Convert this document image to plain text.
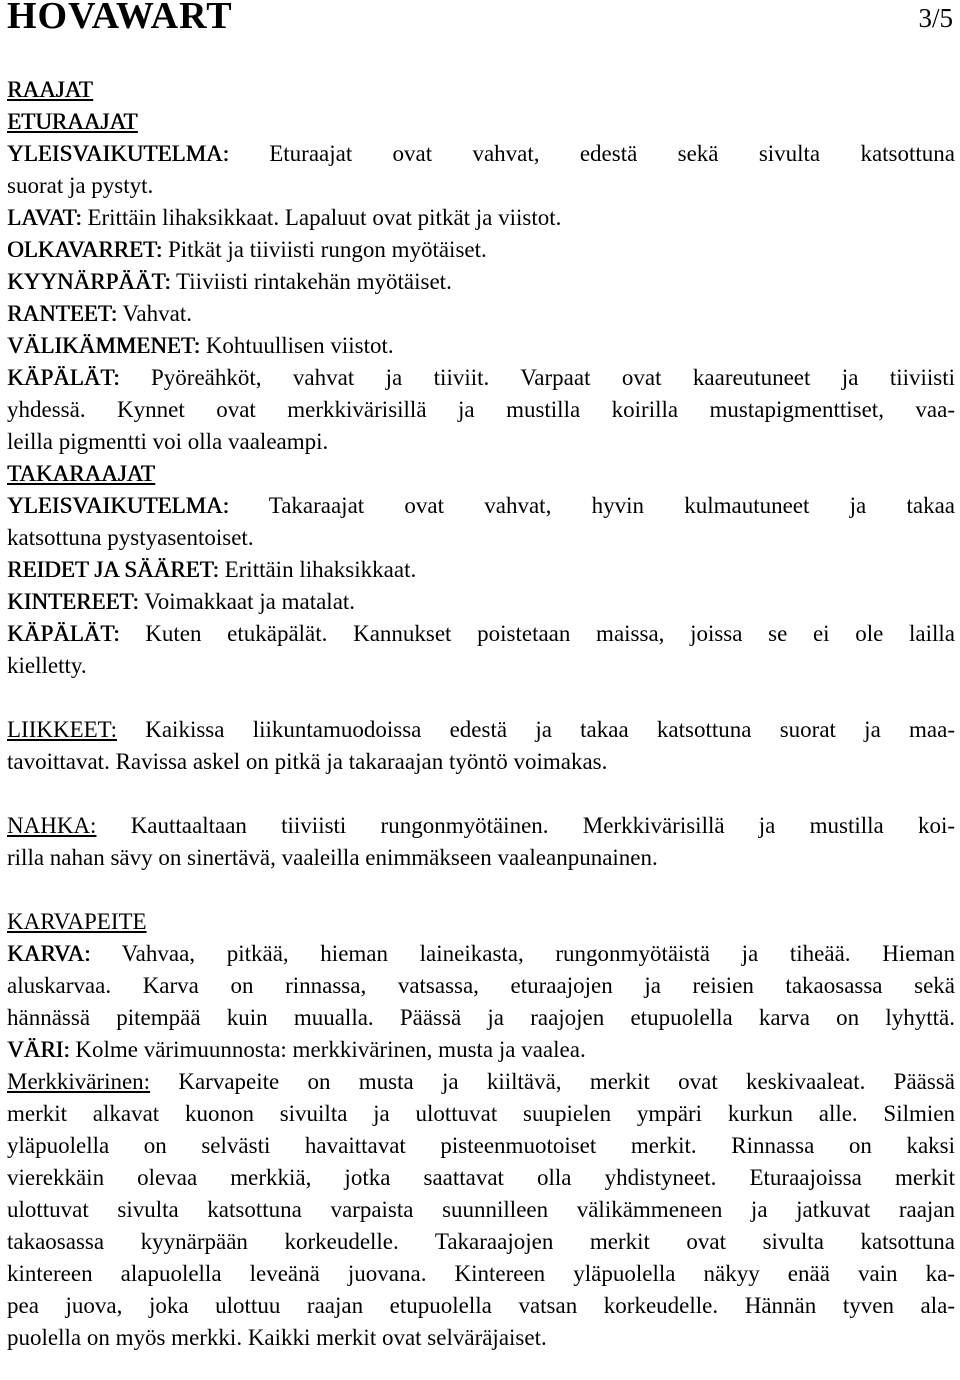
HOVAWART	3/5
RAAJAT
ETURAAJAT
YLEISVAIKUTELMA: Eturaajat ovat vahvat, edestä sekä sivulta katsottuna
suorat ja pystyt.
LAVAT: Erittäin lihaksikkaat. Lapaluut ovat pitkät ja viistot.
OLKAVARRET: Pitkät ja tiiviisti rungon myötäiset.
KYYNÄRPÄÄT: Tiiviisti rintakehän myötäiset.
RANTEET: Vahvat.
VÄLIKÄMMENET: Kohtuullisen viistot.
KÄPÄLÄT: Pyöreähköt, vahvat ja tiiviit. Varpaat ovat kaareutuneet ja tiiviisti
yhdessä. Kynnet ovat merkkivärisillä ja mustilla koirilla mustapigmenttiset, vaa-
leilla pigmentti voi olla vaaleampi.
TAKARAAJAT
YLEISVAIKUTELMA: Takaraajat ovat vahvat, hyvin kulmautuneet ja takaa
katsottuna pystyasentoiset.
REIDET JA SÄÄRET: Erittäin lihaksikkaat.
KINTEREET: Voimakkaat ja matalat.
KÄPÄLÄT: Kuten etukäpälät. Kannukset poistetaan maissa, joissa se ei ole lailla
kielletty.
LIIKKEET: Kaikissa liikuntamuodoissa edestä ja takaa katsottuna suorat ja maa-
tavoittavat. Ravissa askel on pitkä ja takaraajan työntö voimakas.
NAHKA: Kauttaaltaan tiiviisti rungonmyötäinen. Merkkivärisillä ja mustilla koi-
rilla nahan sävy on sinertävä, vaaleilla enimmäkseen vaaleanpunainen.
KARVAPEITE
KARVA: Vahvaa, pitkää, hieman laineikasta, rungonmyötäistä ja tiheää. Hieman
aluskarvaa. Karva on rinnassa, vatsassa, eturaajojen ja reisien takaosassa sekä
hännässä pitempää kuin muualla. Päässä ja raajojen etupuolella karva on lyhyttä.
VÄRI: Kolme värimuunnosta: merkkivärinen, musta ja vaalea.
Merkkivärinen: Karvapeite on musta ja kiiltävä, merkit ovat keskivaaleat. Päässä
merkit alkavat kuonon sivuilta ja ulottuvat suupielen ympäri kurkun alle. Silmien
yläpuolella on selvästi havaittavat pisteenmuotoiset merkit. Rinnassa on kaksi
vierekkäin olevaa merkkiä, jotka saattavat olla yhdistyneet. Eturaajoissa merkit
ulottuvat sivulta katsottuna varpaista suunnilleen välikämmeneen ja jatkuvat raajan
takaosassa kyynärpään korkeudelle. Takaraajojen merkit ovat sivulta katsottuna
kintereen alapuolella leveänä juovana. Kintereen yläpuolella näkyy enää vain ka-
pea juova, joka ulottuu raajan etupuolella vatsan korkeudelle. Hännän tyven ala-
puolella on myös merkki. Kaikki merkit ovat selväräjaiset.
